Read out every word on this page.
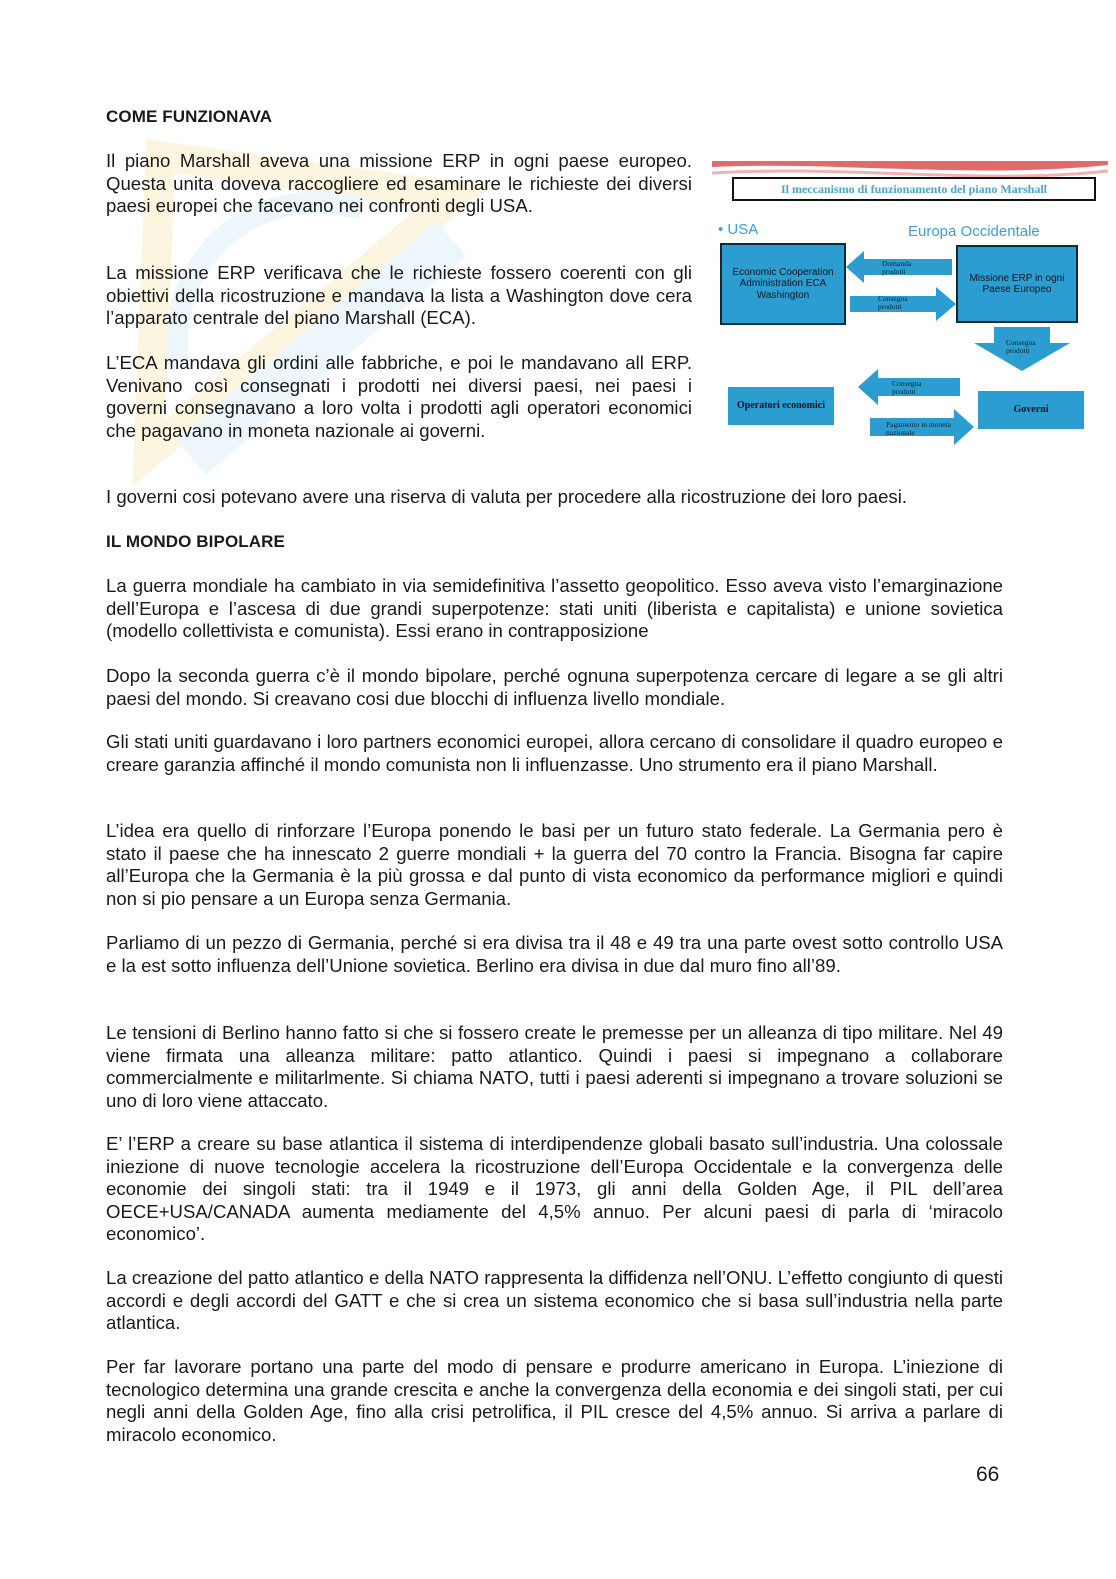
COME FUNZIONAVA

Il piano Marshall aveva una missione ERP in ogni paese europeo. Questa unita doveva raccogliere ed esaminare le richieste dei diversi paesi europei che facevano nei confronti degli USA.

La missione ERP verificava che le richieste fossero coerenti con gli obiettivi della ricostruzione e mandava la lista a Washington dove cera l’apparato centrale del piano Marshall (ECA).

L’ECA mandava gli ordini alle fabbriche, e poi le mandavano all ERP. Venivano così consegnati i prodotti nei diversi paesi, nei paesi i governi consegnavano a loro volta i prodotti agli operatori economici che pagavano in moneta nazionale ai governi.

Il meccanismo di funzionamento del piano Marshall
• USA	Europa Occidentale
Economic Cooperation Administration ECA Washington
Missione ERP in ogni Paese Europeo
Domanda prodotti
Consegna prodotti
Consegna prodotti
Operatori economici	Governi
Consegna prodotti
Pagamento in moneta nazionale

I governi cosi potevano avere una riserva di valuta per procedere alla ricostruzione dei loro paesi.

IL MONDO BIPOLARE

La guerra mondiale ha cambiato in via semidefinitiva l’assetto geopolitico. Esso aveva visto l’emarginazione dell’Europa e l’ascesa di due grandi superpotenze: stati uniti (liberista e capitalista) e unione sovietica (modello collettivista e comunista). Essi erano in contrapposizione

Dopo la seconda guerra c’è il mondo bipolare, perché ognuna superpotenza cercare di legare a se gli altri paesi del mondo. Si creavano cosi due blocchi di influenza livello mondiale.

Gli stati uniti guardavano i loro partners economici europei, allora cercano di consolidare il quadro europeo e creare garanzia affinché il mondo comunista non li influenzasse. Uno strumento era il piano Marshall.

L’idea era quello di rinforzare l’Europa ponendo le basi per un futuro stato federale. La Germania pero è stato il paese che ha innescato 2 guerre mondiali + la guerra del 70 contro la Francia. Bisogna far capire all’Europa che la Germania è la più grossa e dal punto di vista economico da performance migliori e quindi non si pio pensare a un Europa senza Germania.

Parliamo di un pezzo di Germania, perché si era divisa tra il 48 e 49 tra una parte ovest sotto controllo USA e la est sotto influenza dell’Unione sovietica. Berlino era divisa in due dal muro fino all’89.

Le tensioni di Berlino hanno fatto si che si fossero create le premesse per un alleanza di tipo militare. Nel 49 viene firmata una alleanza militare: patto atlantico. Quindi i paesi si impegnano a collaborare commercialmente e militarlmente. Si chiama NATO, tutti i paesi aderenti si impegnano a trovare soluzioni se uno di loro viene attaccato.

E’ l’ERP a creare su base atlantica il sistema di interdipendenze globali basato sull’industria. Una colossale iniezione di nuove tecnologie accelera la ricostruzione dell’Europa Occidentale e la convergenza delle economie dei singoli stati: tra il 1949 e il 1973, gli anni della Golden Age, il PIL dell’area OECE+USA/CANADA aumenta mediamente del 4,5% annuo. Per alcuni paesi di parla di ‘miracolo economico’.

La creazione del patto atlantico e della NATO rappresenta la diffidenza nell’ONU. L’effetto congiunto di questi accordi e degli accordi del GATT e che si crea un sistema economico che si basa sull’industria nella parte atlantica.

Per far lavorare portano una parte del modo di pensare e produrre americano in Europa. L’iniezione di tecnologico determina una grande crescita e anche la convergenza della economia e dei singoli stati, per cui negli anni della Golden Age, fino alla crisi petrolifica, il PIL cresce del 4,5% annuo. Si arriva a parlare di miracolo economico.

66
